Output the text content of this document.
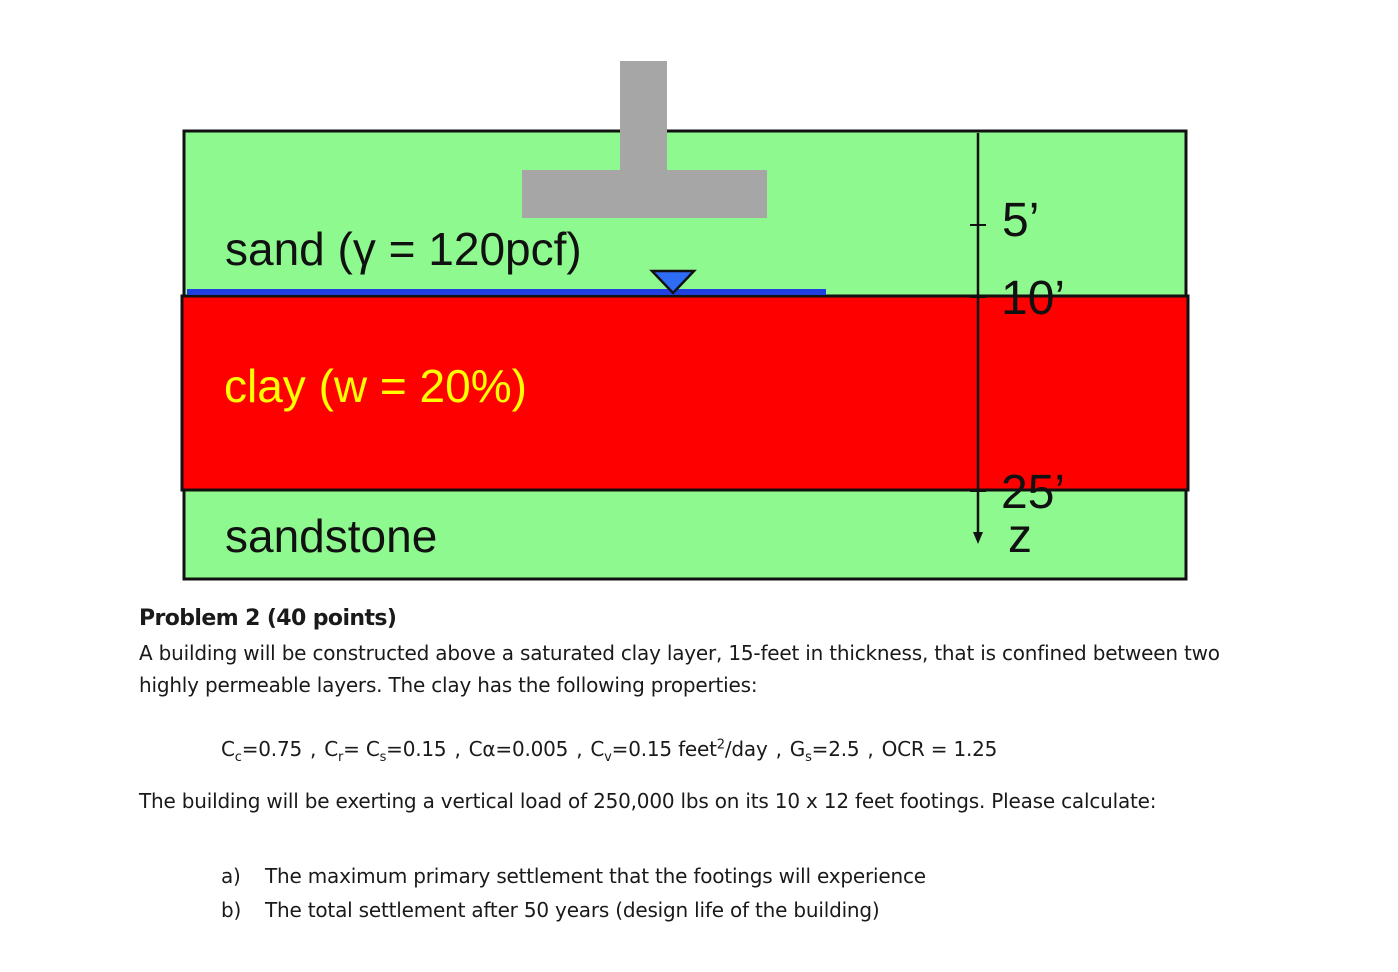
sand (γ = 120pcf)
clay (w = 20%)
sandstone
5’
10’
25’
z
Problem 2 (40 points)

A building will be constructed above a saturated clay layer, 15-feet in thickness, that is confined between two highly permeable layers. The clay has the following properties:

$C_c=0.75$ , $C_r= C_s=0.15$ , Cα=0.005 , $C_v=0.15$ feet$^2$/day , $G_s=2.5$ , OCR = 1.25

The building will be exerting a vertical load of 250,000 lbs on its 10 x 12 feet footings. Please calculate:

a)	The maximum primary settlement that the footings will experience
b)	The total settlement after 50 years (design life of the building)
